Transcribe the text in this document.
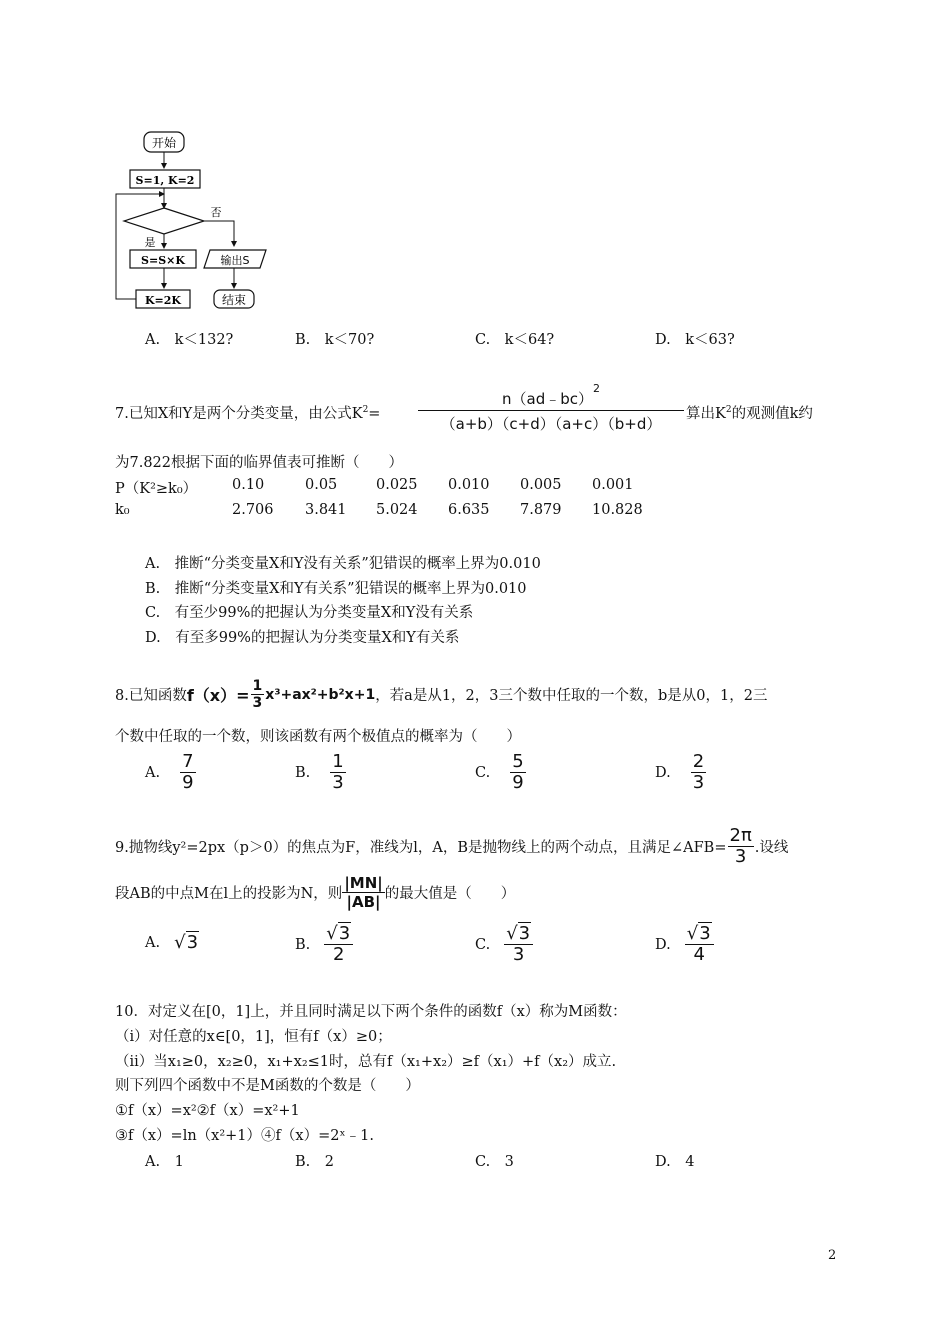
开始
S=1, K=2
否
是
S=S×K	输出S
K=2K	结束
A.　k＜132?	B.　k＜70?	C.　k＜64?	D.　k＜63?
7.已知X和Y是两个分类变量，由公式$K^2=$
n（ad﹣bc）$^2$
（a+b）（c+d）（a+c）（b+d）
算出$K^2$的观测值k约
为7.822根据下面的临界值表可推断（　　）
P（K²≥k₀） 0.10	0.05	0.025 0.010 0.005 0.001
k₀	2.706 3.841 5.024 6.635 7.879 10.828
A.　推断“分类变量X和Y没有关系”犯错误的概率上界为0.010
B.　推断“分类变量X和Y有关系”犯错误的概率上界为0.010
C.　有至少99%的把握认为分类变量X和Y没有关系
D.　有至多99%的把握认为分类变量X和Y有关系
8.已知函数 $f(x)= \frac{1}{3} x^3+ax^2+b^2x+1$ ，若a是从1，2，3三个数中任取的一个数，b是从0，1，2三
个数中任取的一个数，则该函数有两个极值点的概率为（　　）
A. $\frac{7}{9}$	B. $\frac{1}{3}$	C. $\frac{5}{9}$	D. $\frac{2}{3}$
9.抛物线y²=2px（p＞0）的焦点为F，准线为l，A，B是抛物线上的两个动点，且满足∠AFB= $\frac{2\pi}{3}$ .设线
段AB的中点M在l上的投影为N，则 $\frac{|MN|}{|AB|}$ 的最大值是（　　）
A. √3	B. $\frac{√3}{2}$	C. $\frac{√3}{3}$	D. $\frac{√3}{4}$
10．对定义在[0，1]上，并且同时满足以下两个条件的函数f（x）称为M函数：
（i）对任意的x∈[0，1]，恒有f（x）≥0；
（ii）当x₁≥0，x₂≥0，x₁+x₂≤1时，总有f（x₁+x₂）≥f（x₁）+f（x₂）成立.
则下列四个函数中不是M函数的个数是（　　）
①f（x）=x²②f（x）=x²+1
③f（x）=ln（x²+1）④f（x）=2ˣ﹣1.
A.　1	B.　2	C.　3	D.　4
2
